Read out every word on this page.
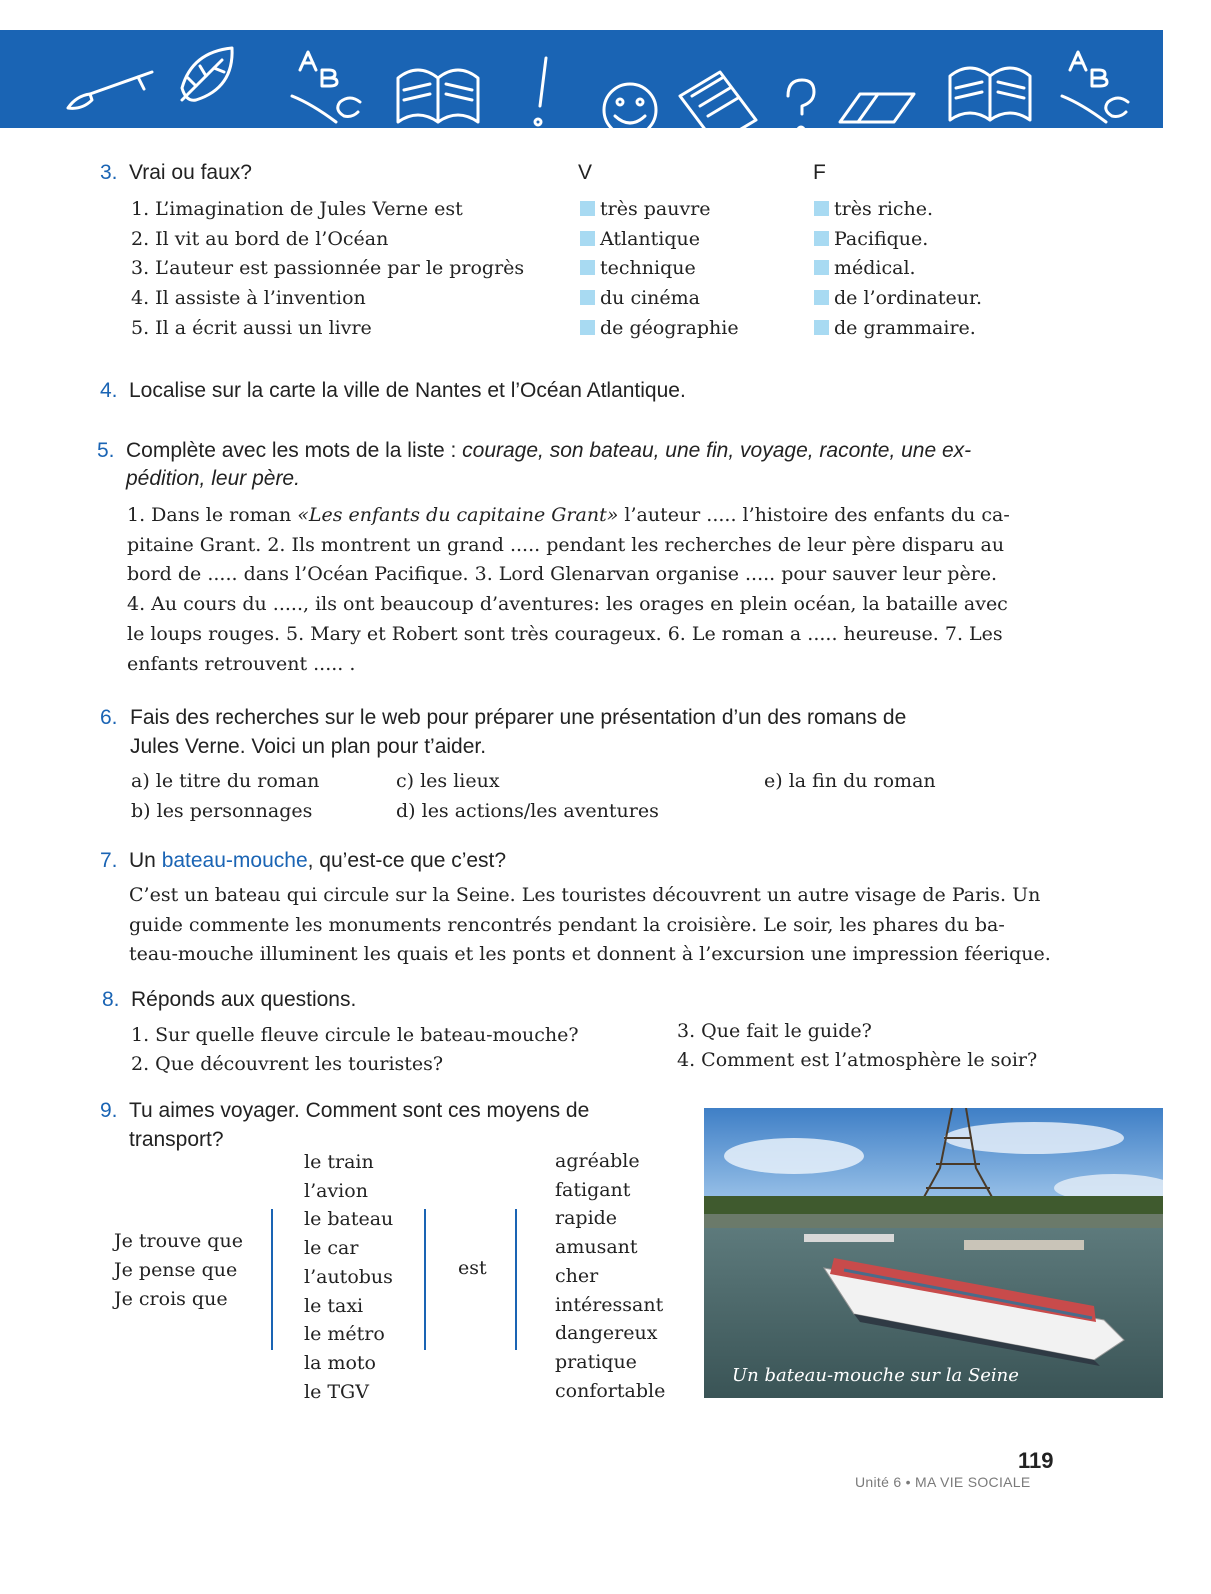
3. Vrai ou faux?	V	F
1. L’imagination de Jules Verne est
2. Il vit au bord de l’Océan
3. L’auteur est passionnée par le progrès
4. Il assiste à l’invention
5. Il a écrit aussi un livre
très pauvre
Atlantique
technique
du cinéma
de géographie
très riche.
Pacifique.
médical.
de l’ordinateur.
de grammaire.
4. Localise sur la carte la ville de Nantes et l’Océan Atlantique.
5. Complète avec les mots de la liste : courage, son bateau, une fin, voyage, raconte, une ex-
pédition, leur père.
1. Dans le roman «Les enfants du capitaine Grant» l’auteur ..... l’histoire des enfants du ca-
pitaine Grant. 2. Ils montrent un grand ..... pendant les recherches de leur père disparu au
bord de ..... dans l’Océan Pacifique. 3. Lord Glenarvan organise ..... pour sauver leur père.
4. Au cours du ....., ils ont beaucoup d’aventures: les orages en plein océan, la bataille avec
le loups rouges. 5. Mary et Robert sont très courageux. 6. Le roman a ..... heureuse. 7. Les
enfants retrouvent ..... .
6. Fais des recherches sur le web pour préparer une présentation d’un des romans de
Jules Verne. Voici un plan pour t’aider.
a) le titre du roman
b) les personnages
c) les lieux
d) les actions/les aventures
e) la fin du roman
7. Un bateau-mouche, qu’est-ce que c’est?
C’est un bateau qui circule sur la Seine. Les touristes découvrent un autre visage de Paris. Un
guide commente les monuments rencontrés pendant la croisière. Le soir, les phares du ba-
teau-mouche illuminent les quais et les ponts et donnent à l’excursion une impression féerique.
8. Réponds aux questions.
1. Sur quelle fleuve circule le bateau-mouche?
2. Que découvrent les touristes?
3. Que fait le guide?
4. Comment est l’atmosphère le soir?
9. Tu aimes voyager. Comment sont ces moyens de
transport?
Je trouve que
Je pense que
Je crois que
le train
l’avion
le bateau
le car
l’autobus
le taxi
le métro
la moto
le TGV
est
agréable
fatigant
rapide
amusant
cher
intéressant
dangereux
pratique
confortable
Un bateau-mouche sur la Seine
119
Unité 6 • MA VIE SOCIALE
